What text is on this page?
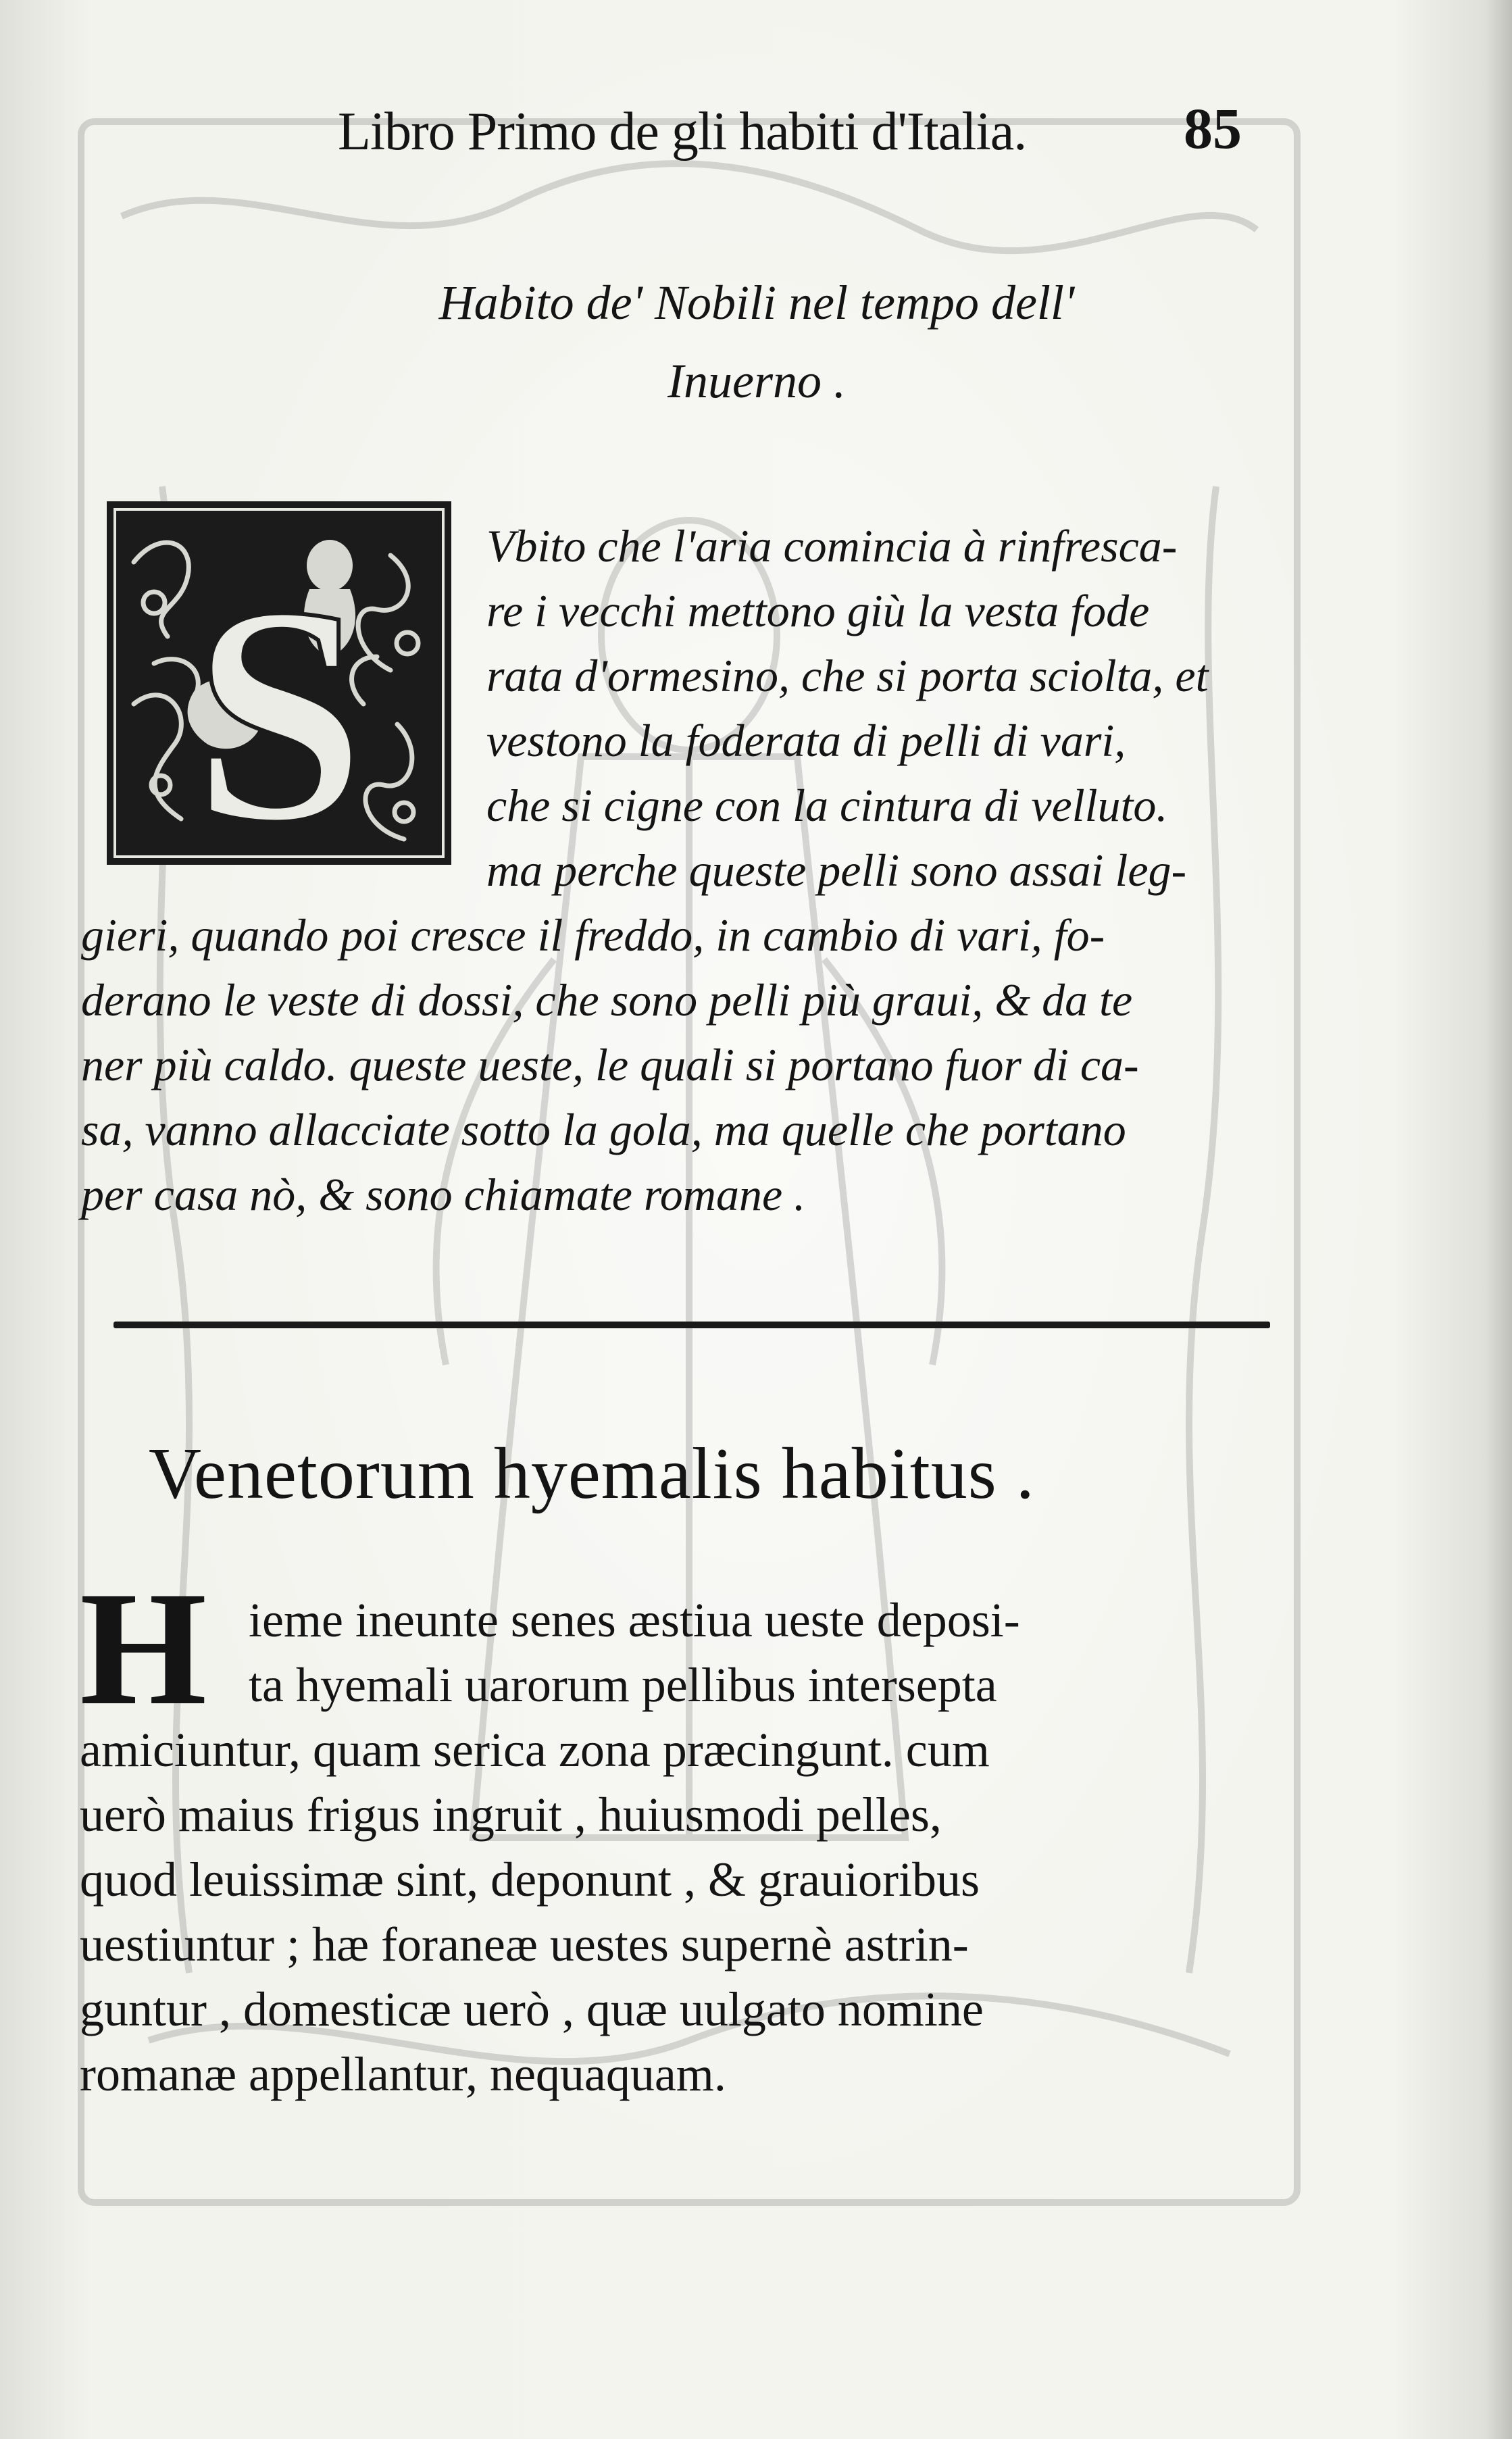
Libro Primo de gli habiti d'Italia.	85
Habito de' Nobili nel tempo dell'
Inuerno .
S	Vbito che l'aria comincia à rinfresca-
re i vecchi mettono giù la vesta fode
rata d'ormesino, che si porta sciolta, et
vestono la foderata di pelli di vari,
che si cigne con la cintura di velluto.
ma perche queste pelli sono assai leg-
gieri, quando poi cresce il freddo, in cambio di vari, fo-
derano le veste di dossi, che sono pelli più graui, & da te
ner più caldo. queste ueste, le quali si portano fuor di ca-
sa, vanno allacciate sotto la gola, ma quelle che portano
per casa nò, & sono chiamate romane .
Venetorum hyemalis habitus .
H ieme ineunte senes æstiua ueste deposi-
ta hyemali uarorum pellibus intersepta
amiciuntur, quam serica zona præcingunt. cum
uerò maius frigus ingruit , huiusmodi pelles,
quod leuissimæ sint, deponunt , & grauioribus
uestiuntur ; hæ foraneæ uestes supernè astrin-
guntur , domesticæ uerò , quæ uulgato nomine
romanæ appellantur, nequaquam.
